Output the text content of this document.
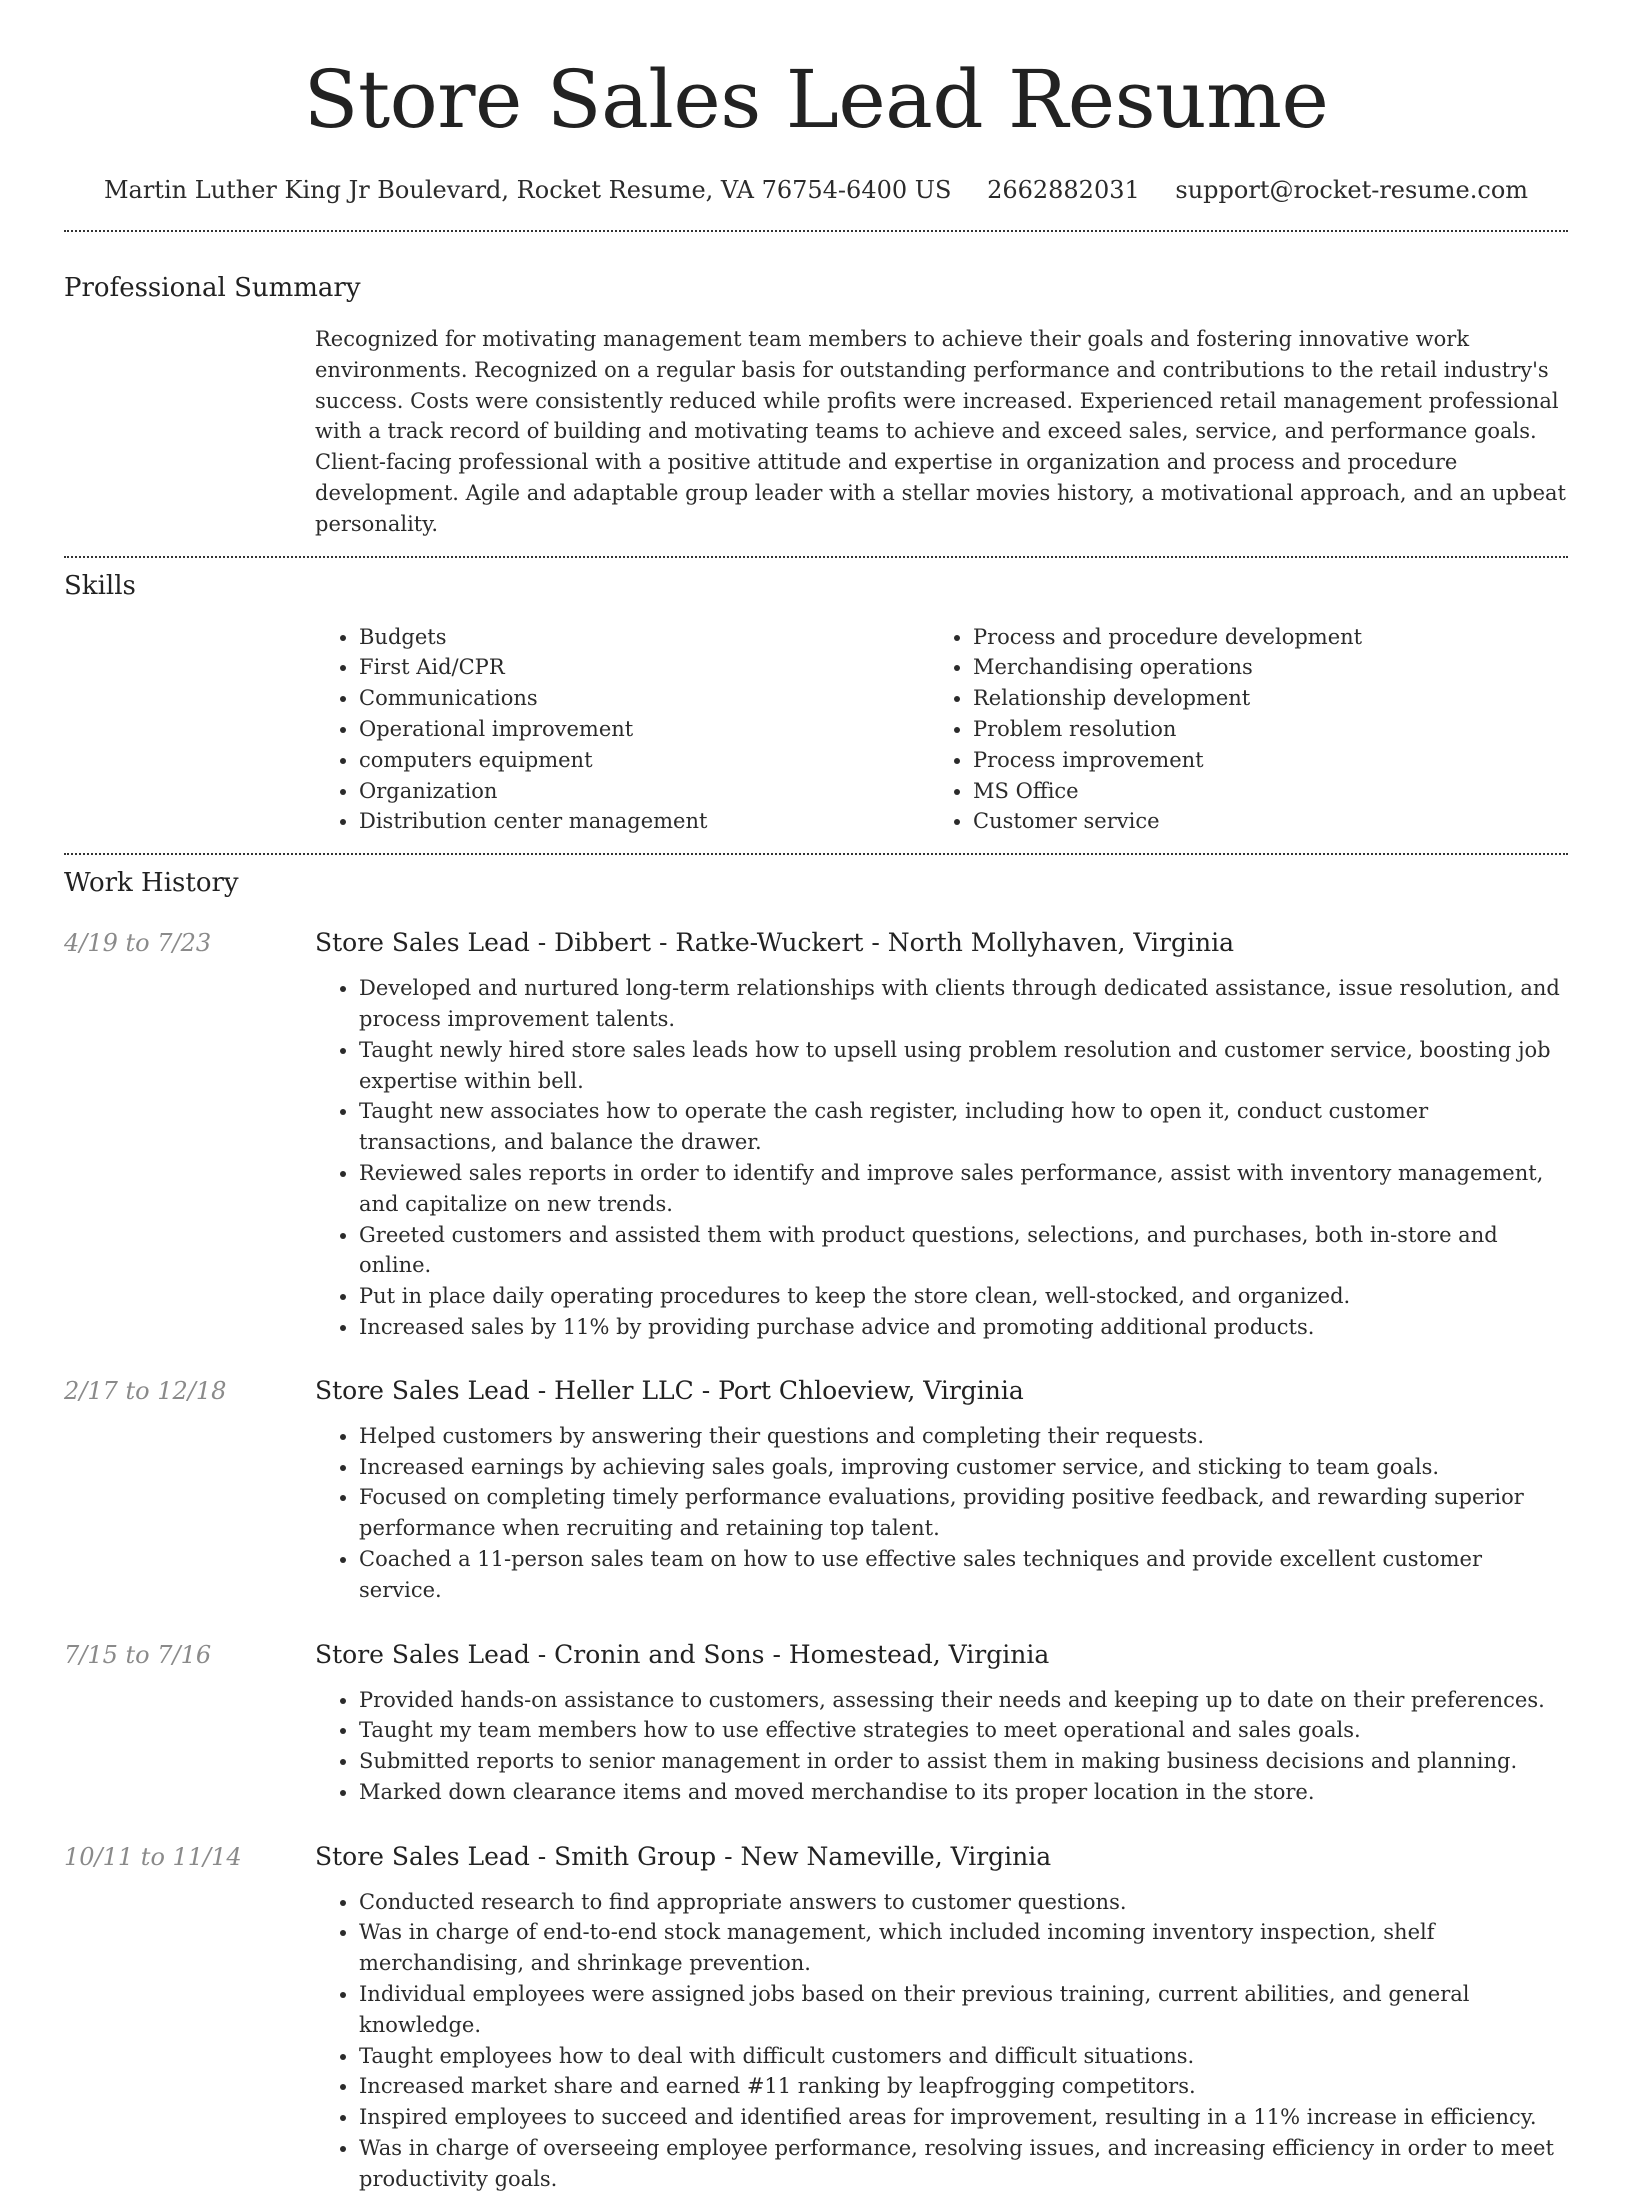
Store Sales Lead Resume
Martin Luther King Jr Boulevard, Rocket Resume, VA 76754-6400 US 2662882031 support@rocket-resume.com
Professional Summary

Recognized for motivating management team members to achieve their goals and fostering innovative work environments. Recognized on a regular basis for outstanding performance and contributions to the retail industry's success. Costs were consistently reduced while profits were increased. Experienced retail management professional with a track record of building and motivating teams to achieve and exceed sales, service, and performance goals. Client-facing professional with a positive attitude and expertise in organization and process and procedure development. Agile and adaptable group leader with a stellar movies history, a motivational approach, and an upbeat personality.

Skills
• Budgets
• First Aid/CPR
• Communications
• Operational improvement
• computers equipment
• Organization
• Distribution center management
• Process and procedure development
• Merchandising operations
• Relationship development
• Problem resolution
• Process improvement
• MS Office
• Customer service
Work History
4/19 to 7/23	Store Sales Lead - Dibbert - Ratke-Wuckert - North Mollyhaven, Virginia
• Developed and nurtured long-term relationships with clients through dedicated assistance, issue resolution, and process improvement talents.
• Taught newly hired store sales leads how to upsell using problem resolution and customer service, boosting job expertise within bell.
• Taught new associates how to operate the cash register, including how to open it, conduct customer transactions, and balance the drawer.
• Reviewed sales reports in order to identify and improve sales performance, assist with inventory management, and capitalize on new trends.
• Greeted customers and assisted them with product questions, selections, and purchases, both in-store and online.
• Put in place daily operating procedures to keep the store clean, well-stocked, and organized.
• Increased sales by 11% by providing purchase advice and promoting additional products.
2/17 to 12/18	Store Sales Lead - Heller LLC - Port Chloeview, Virginia
• Helped customers by answering their questions and completing their requests.
• Increased earnings by achieving sales goals, improving customer service, and sticking to team goals.
• Focused on completing timely performance evaluations, providing positive feedback, and rewarding superior performance when recruiting and retaining top talent.
• Coached a 11-person sales team on how to use effective sales techniques and provide excellent customer service.
7/15 to 7/16	Store Sales Lead - Cronin and Sons - Homestead, Virginia
• Provided hands-on assistance to customers, assessing their needs and keeping up to date on their preferences.
• Taught my team members how to use effective strategies to meet operational and sales goals.
• Submitted reports to senior management in order to assist them in making business decisions and planning.
• Marked down clearance items and moved merchandise to its proper location in the store.
10/11 to 11/14	Store Sales Lead - Smith Group - New Nameville, Virginia
• Conducted research to find appropriate answers to customer questions.
• Was in charge of end-to-end stock management, which included incoming inventory inspection, shelf merchandising, and shrinkage prevention.
• Individual employees were assigned jobs based on their previous training, current abilities, and general knowledge.
• Taught employees how to deal with difficult customers and difficult situations.
• Increased market share and earned #11 ranking by leapfrogging competitors.
• Inspired employees to succeed and identified areas for improvement, resulting in a 11% increase in efficiency.
• Was in charge of overseeing employee performance, resolving issues, and increasing efficiency in order to meet productivity goals.
